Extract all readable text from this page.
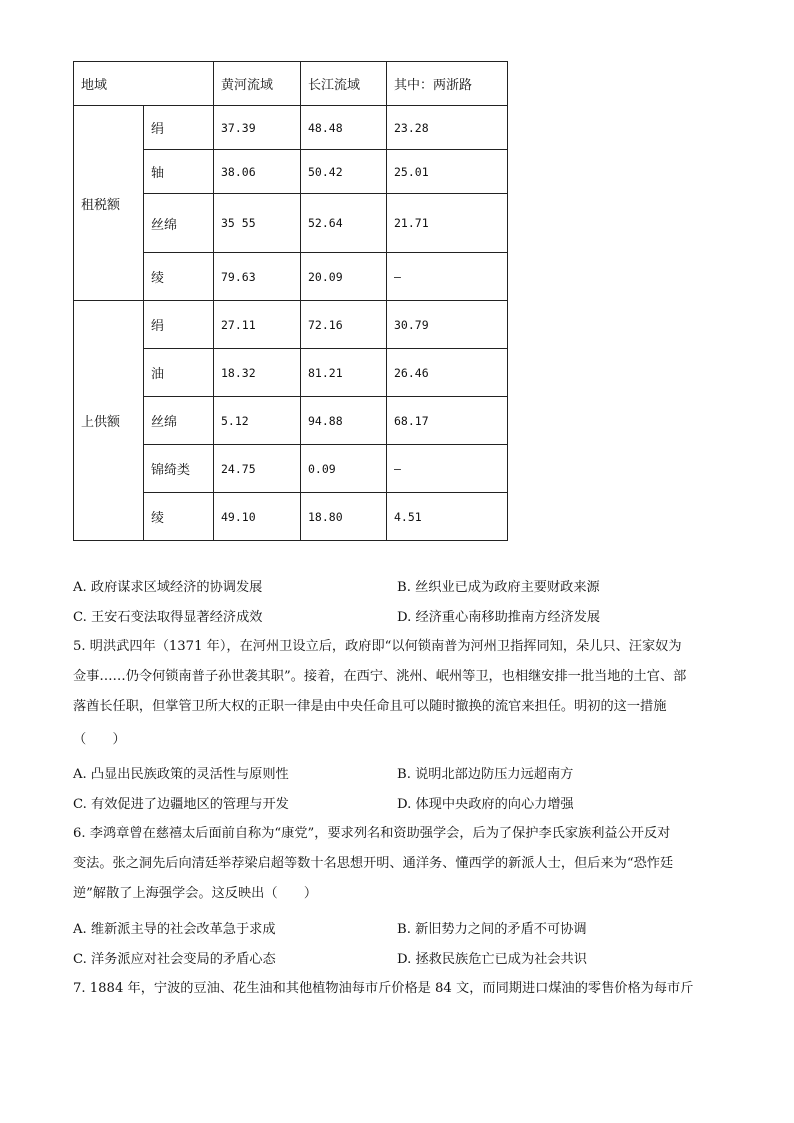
地域		黄河流域	长江流域	其中：两浙路
租税额	绢	37.39	48.48	23.28
	轴	38.06	50.42	25.01
	丝绵	35 55	52.64	21.71
	绫	79.63	20.09	—
上供额	绢	27.11	72.16	30.79
	油	18.32	81.21	26.46
	丝绵	5.12	94.88	68.17
	锦绮类	24.75	0.09	—
	绫	49.10	18.80	4.51
A. 政府谋求区域经济的协调发展	B. 丝织业已成为政府主要财政来源
C. 王安石变法取得显著经济成效	D. 经济重心南移助推南方经济发展
5. 明洪武四年（1371 年），在河州卫设立后，政府即“以何锁南普为河州卫指挥同知，朵儿只、汪家奴为
佥事……仍令何锁南普子孙世袭其职”。接着，在西宁、洮州、岷州等卫，也相继安排一批当地的土官、部
落酋长任职，但掌管卫所大权的正职一律是由中央任命且可以随时撤换的流官来担任。明初的这一措施
（　　）
A. 凸显出民族政策的灵活性与原则性	B. 说明北部边防压力远超南方
C. 有效促进了边疆地区的管理与开发	D. 体现中央政府的向心力增强
6. 李鸿章曾在慈禧太后面前自称为“康党”，要求列名和资助强学会，后为了保护李氏家族利益公开反对
变法。张之洞先后向清廷举荐梁启超等数十名思想开明、通洋务、懂西学的新派人士，但后来为“恐怍廷
逆”解散了上海强学会。这反映出（　　）
A. 维新派主导的社会改革急于求成	B. 新旧势力之间的矛盾不可协调
C. 洋务派应对社会变局的矛盾心态	D. 拯救民族危亡已成为社会共识
7. 1884 年，宁波的豆油、花生油和其他植物油每市斤价格是 84 文，而同期进口煤油的零售价格为每市斤
